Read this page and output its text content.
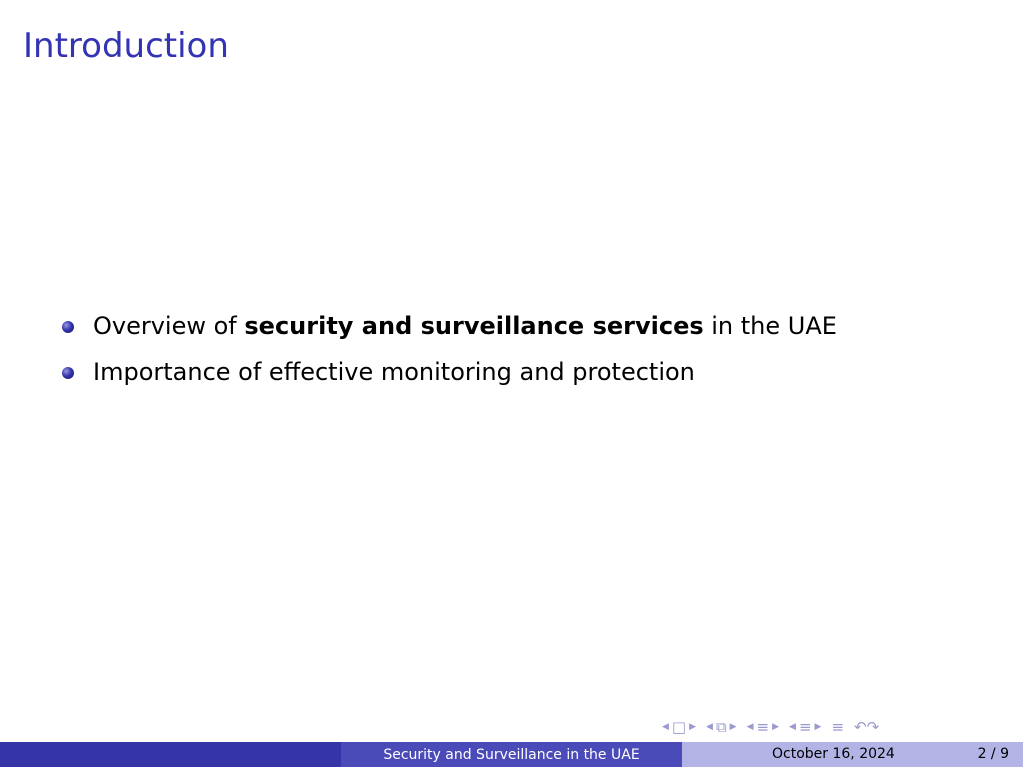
Introduction
Overview of security and surveillance services in the UAE
Importance of effective monitoring and protection
◀ □ ▶ ◀ ⧉ ▶ ◀ ≡ ▶ ◀ ≡ ▶ ≡ ↶↷
Security and Surveillance in the UAE	October 16, 2024	2 / 9
